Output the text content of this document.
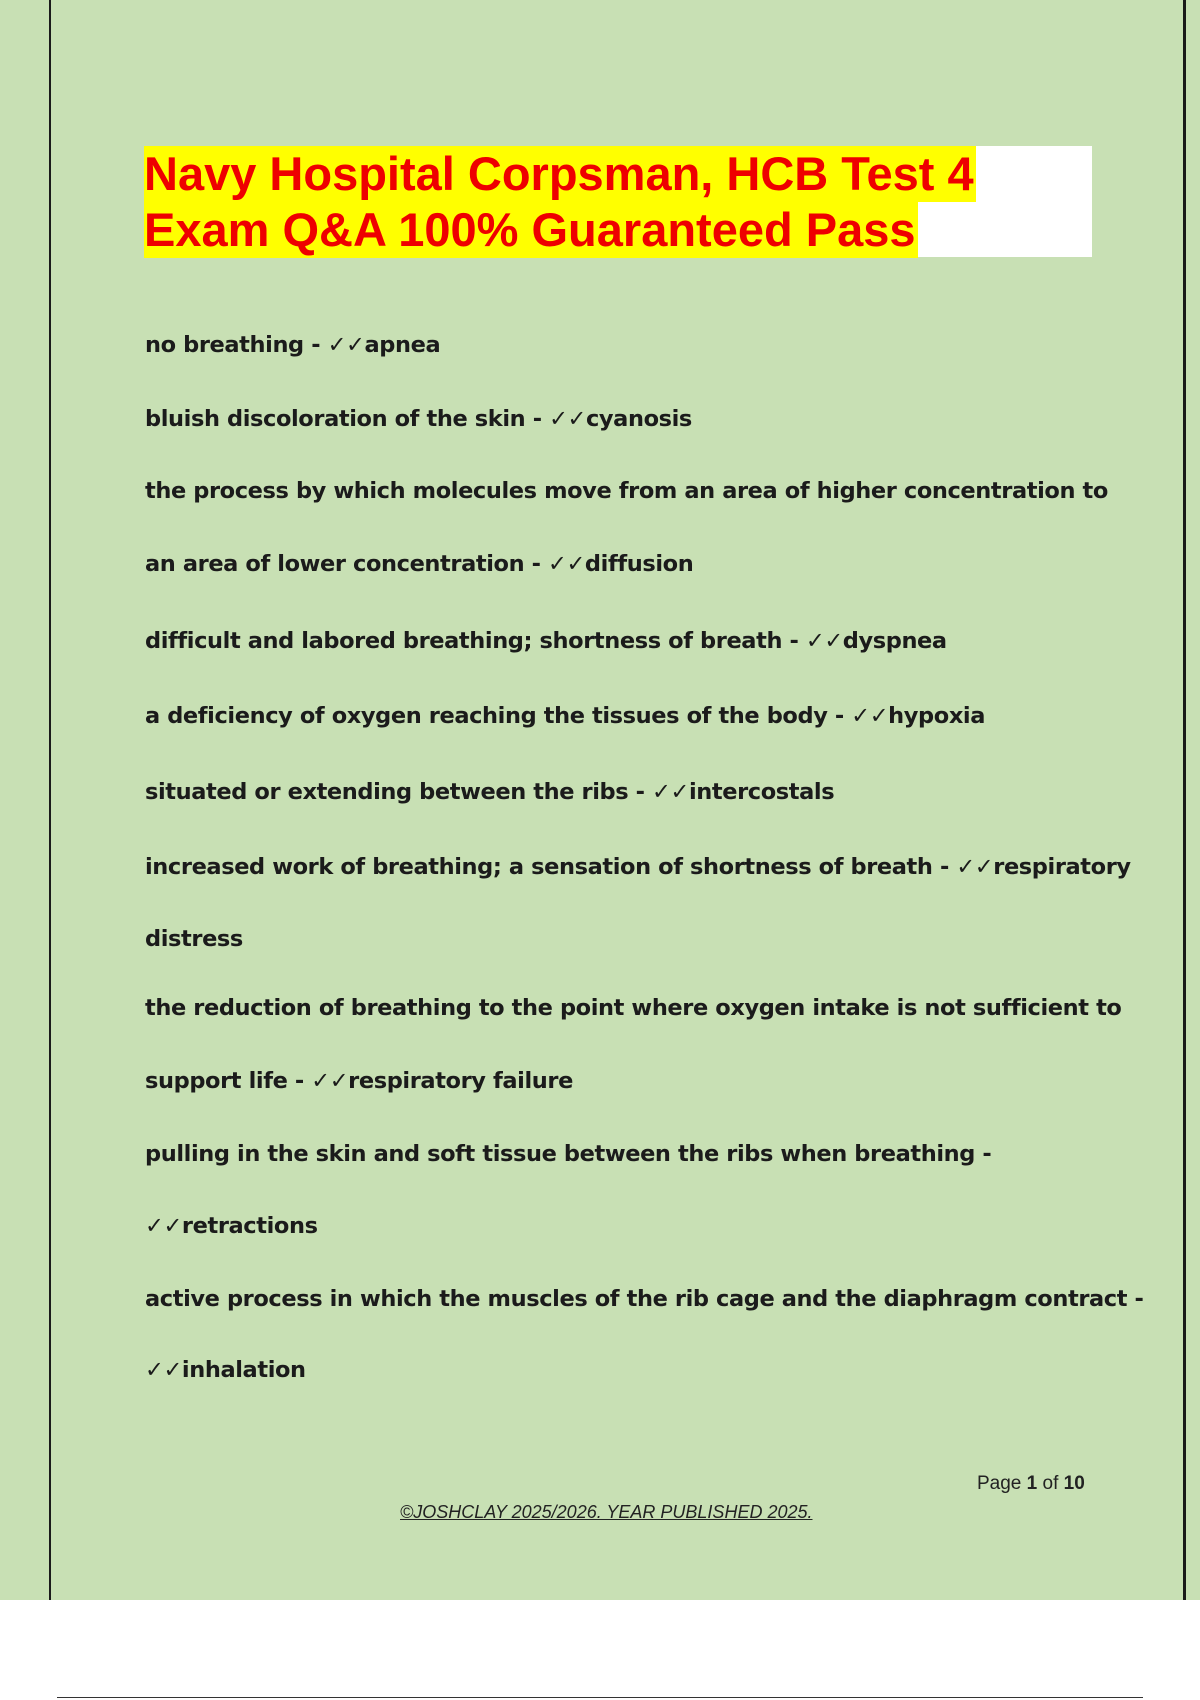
Navy Hospital Corpsman, HCB Test 4
Exam Q&A 100% Guaranteed Pass
no breathing - ✓✓apnea
bluish discoloration of the skin - ✓✓cyanosis
the process by which molecules move from an area of higher concentration to
an area of lower concentration - ✓✓diffusion
difficult and labored breathing; shortness of breath - ✓✓dyspnea
a deficiency of oxygen reaching the tissues of the body - ✓✓hypoxia
situated or extending between the ribs - ✓✓intercostals
increased work of breathing; a sensation of shortness of breath - ✓✓respiratory
distress
the reduction of breathing to the point where oxygen intake is not sufficient to
support life - ✓✓respiratory failure
pulling in the skin and soft tissue between the ribs when breathing -
✓✓retractions
active process in which the muscles of the rib cage and the diaphragm contract -
✓✓inhalation
Page 1 of 10
©JOSHCLAY 2025/2026. YEAR PUBLISHED 2025.
